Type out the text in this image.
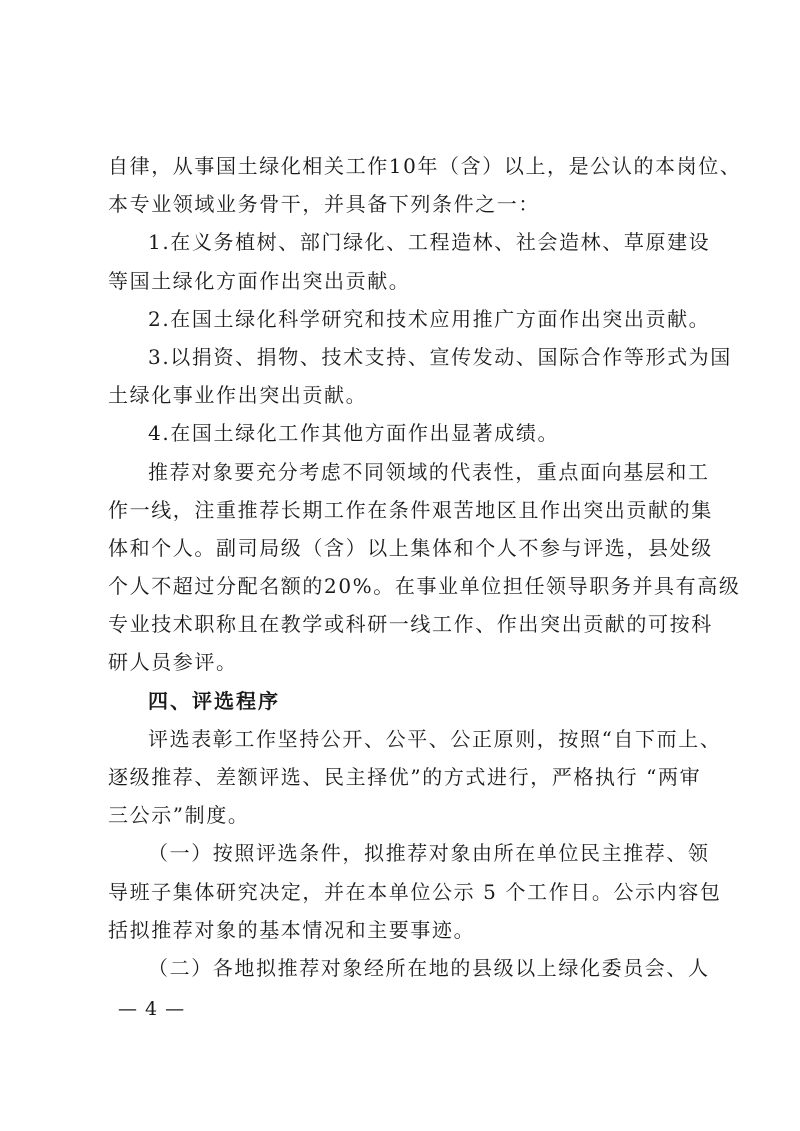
自律，从事国土绿化相关工作10年（含）以上，是公认的本岗位、
本专业领域业务骨干，并具备下列条件之一：
1.在义务植树、部门绿化、工程造林、社会造林、草原建设
等国土绿化方面作出突出贡献。
2.在国土绿化科学研究和技术应用推广方面作出突出贡献。
3.以捐资、捐物、技术支持、宣传发动、国际合作等形式为国
土绿化事业作出突出贡献。
4.在国土绿化工作其他方面作出显著成绩。
推荐对象要充分考虑不同领域的代表性，重点面向基层和工
作一线，注重推荐长期工作在条件艰苦地区且作出突出贡献的集
体和个人。副司局级（含）以上集体和个人不参与评选，县处级
个人不超过分配名额的20%。在事业单位担任领导职务并具有高级
专业技术职称且在教学或科研一线工作、作出突出贡献的可按科
研人员参评。
四、评选程序
评选表彰工作坚持公开、公平、公正原则，按照“自下而上、
逐级推荐、差额评选、民主择优”的方式进行，严格执行 “两审
三公示”制度。
（一）按照评选条件，拟推荐对象由所在单位民主推荐、领
导班子集体研究决定，并在本单位公示 5 个工作日。公示内容包
括拟推荐对象的基本情况和主要事迹。
（二）各地拟推荐对象经所在地的县级以上绿化委员会、人
— 4 —
